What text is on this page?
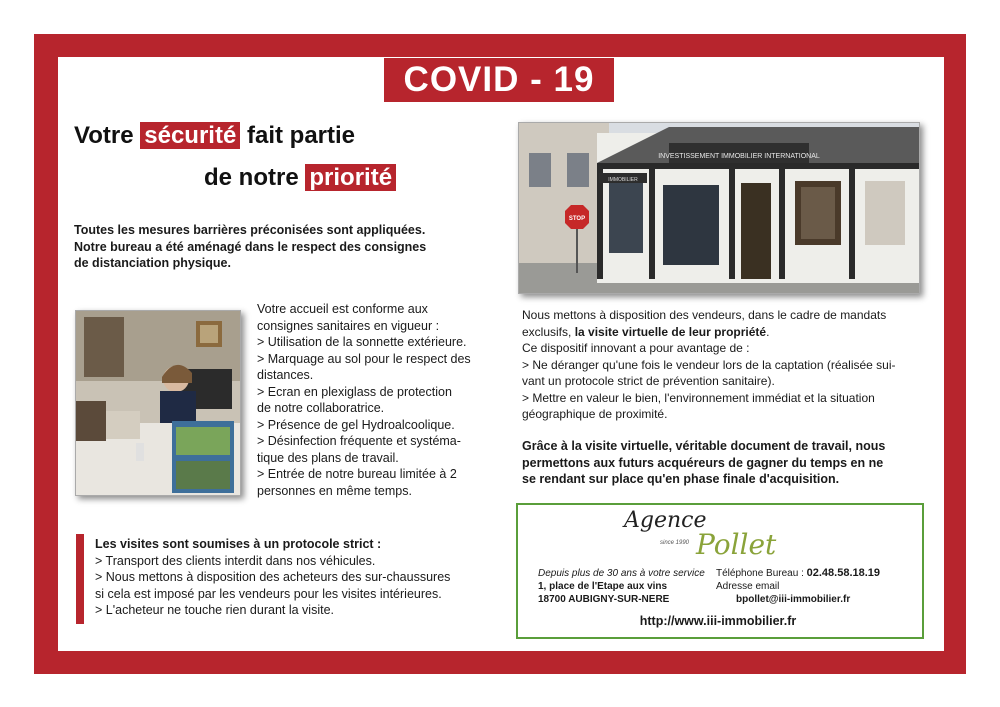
COVID - 19
Votre sécurité fait partie
de notre priorité
Toutes les mesures barrières préconisées sont appliquées.
Notre bureau a été aménagé dans le respect des consignes
de distanciation physique.
Votre accueil est conforme aux
consignes sanitaires en vigueur :
> Utilisation de la sonnette extérieure.
> Marquage au sol pour le respect des
distances.
> Ecran en plexiglass de protection
de notre collaboratrice.
> Présence de gel Hydroalcoolique.
> Désinfection fréquente et systéma-
tique des plans de travail.
> Entrée de notre bureau limitée à 2
personnes en même temps.
Les visites sont soumises à un protocole strict :
> Transport des clients interdit dans nos véhicules.
> Nous mettons à disposition des acheteurs des sur-chaussures
si cela est imposé par les vendeurs pour les visites intérieures.
> L'acheteur ne touche rien durant la visite.
INVESTISSEMENT IMMOBILIER INTERNATIONAL
IMMOBILIER
STOP
Nous mettons à disposition des vendeurs, dans le cadre de mandats
exclusifs, la visite virtuelle de leur propriété.
Ce dispositif innovant a pour avantage de :
> Ne déranger qu'une fois le vendeur lors de la captation (réalisée sui-
vant un protocole strict de prévention sanitaire).
> Mettre en valeur le bien, l'environnement immédiat et la situation
géographique de proximité.
Grâce à la visite virtuelle, véritable document de travail, nous
permettons aux futurs acquéreurs de gagner du temps en ne
se rendant sur place qu'en phase finale d'acquisition.
Agence
Pollet
since 1990
Depuis plus de 30 ans à votre service
1, place de l'Etape aux vins
18700 AUBIGNY-SUR-NERE
Téléphone Bureau : 02.48.58.18.19
Adresse email
bpollet@iii-immobilier.fr
http://www.iii-immobilier.fr
